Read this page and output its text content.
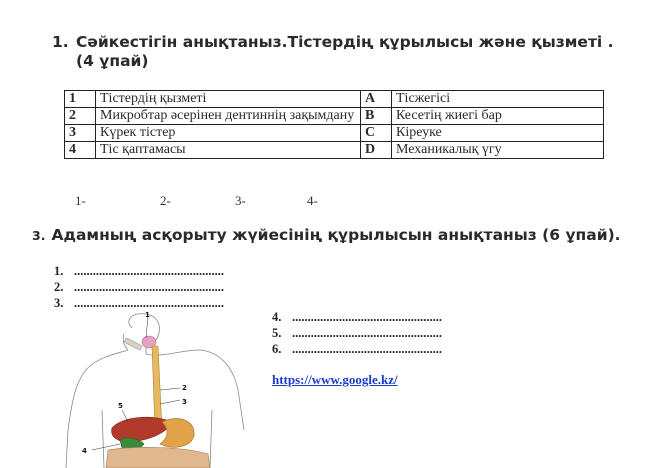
1. Сәйкестігін анықтаныз.Тістердің құрылысы және қызметі .
(4 ұпай)
1	Тістердің қызметі	A	Тісжегісі
2	Микробтар әсерінен дентиннің зақымдану	B	Кесетің жиегі бар
3	Күрек тістер	C	Кіреуке
4	Тіс қаптамасы	D	Механикалық үгу
1-	2-	3-	4-
3. Адамның асқорыту жүйесінің құрылысын анықтаныз (6 ұпай).
1. ................................................
2. ................................................
3. ................................................
4. ................................................
5. ................................................
6. ................................................
https://www.google.kz/
1
2
3
4
5
